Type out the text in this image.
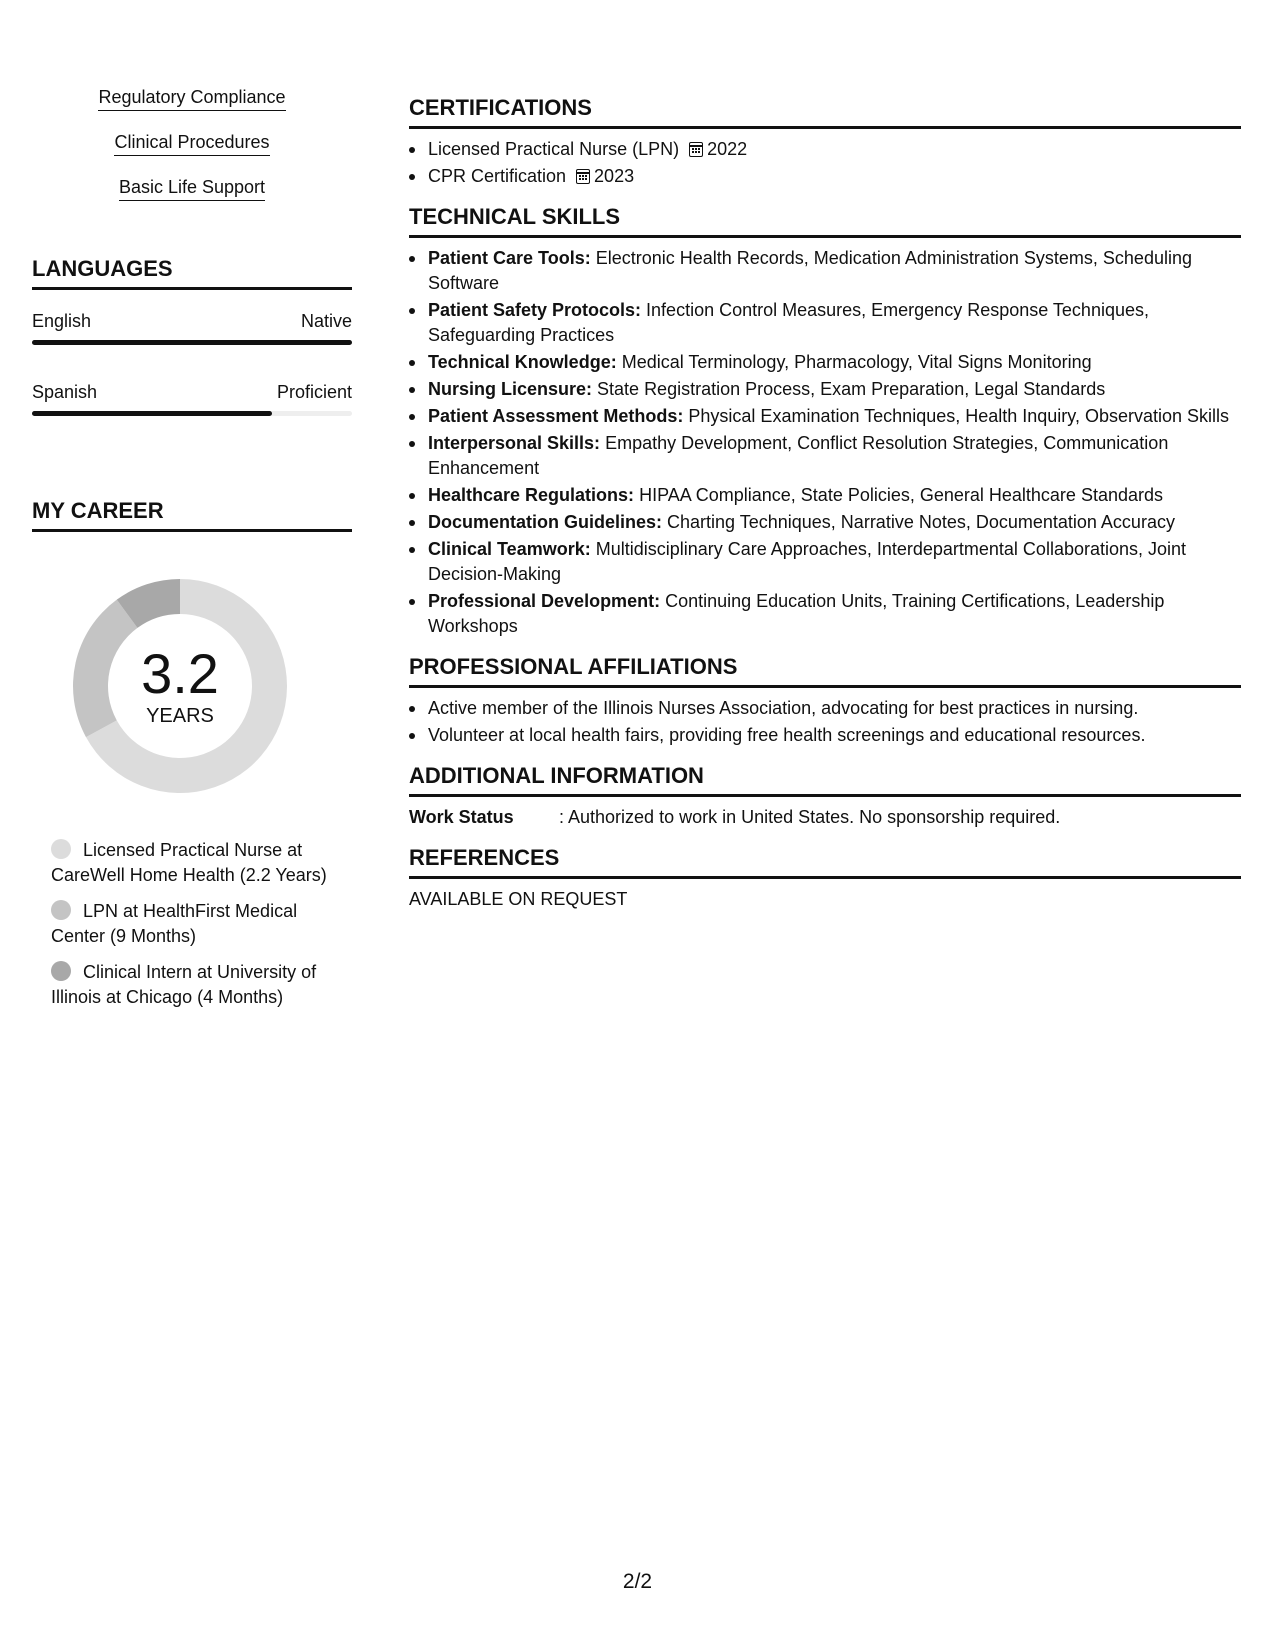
Regulatory Compliance
Clinical Procedures
Basic Life Support
LANGUAGES
English	Native
Spanish	Proficient
MY CAREER
3.2
YEARS
Licensed Practical Nurse at CareWell Home Health (2.2 Years)
LPN at HealthFirst Medical Center (9 Months)
Clinical Intern at University of Illinois at Chicago (4 Months)
CERTIFICATIONS
Licensed Practical Nurse (LPN) 2022
CPR Certification 2023
TECHNICAL SKILLS
Patient Care Tools: Electronic Health Records, Medication Administration Systems, Scheduling Software
Patient Safety Protocols: Infection Control Measures, Emergency Response Techniques, Safeguarding Practices
Technical Knowledge: Medical Terminology, Pharmacology, Vital Signs Monitoring
Nursing Licensure: State Registration Process, Exam Preparation, Legal Standards
Patient Assessment Methods: Physical Examination Techniques, Health Inquiry, Observation Skills
Interpersonal Skills: Empathy Development, Conflict Resolution Strategies, Communication Enhancement
Healthcare Regulations: HIPAA Compliance, State Policies, General Healthcare Standards
Documentation Guidelines: Charting Techniques, Narrative Notes, Documentation Accuracy
Clinical Teamwork: Multidisciplinary Care Approaches, Interdepartmental Collaborations, Joint Decision-Making
Professional Development: Continuing Education Units, Training Certifications, Leadership Workshops
PROFESSIONAL AFFILIATIONS
Active member of the Illinois Nurses Association, advocating for best practices in nursing.
Volunteer at local health fairs, providing free health screenings and educational resources.
ADDITIONAL INFORMATION
Work Status	: Authorized to work in United States. No sponsorship required.
REFERENCES
AVAILABLE ON REQUEST
2/2
